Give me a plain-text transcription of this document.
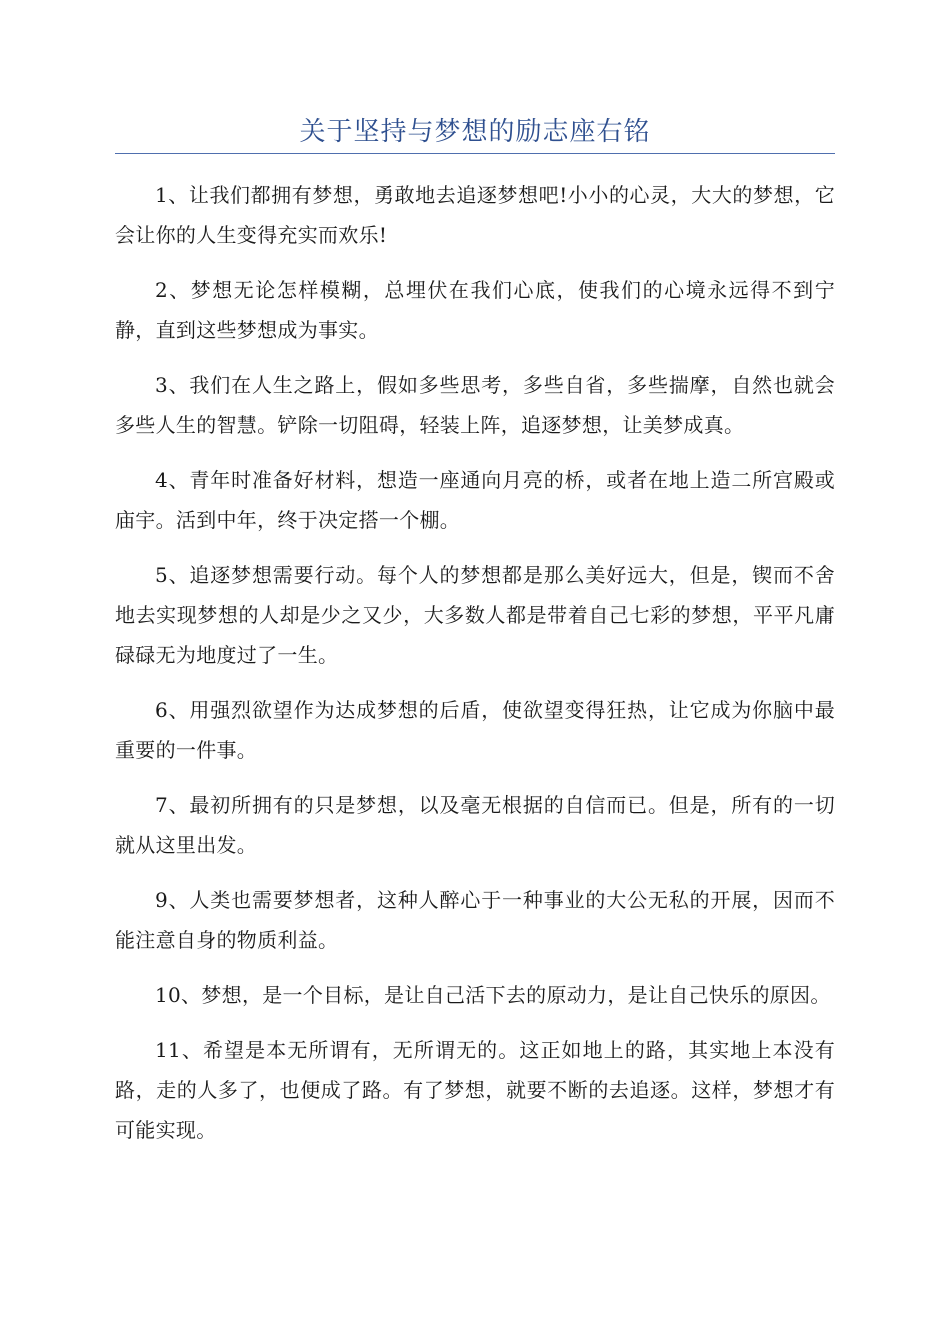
关于坚持与梦想的励志座右铭

1、让我们都拥有梦想，勇敢地去追逐梦想吧!小小的心灵，大大的梦想，它会让你的人生变得充实而欢乐!

2、梦想无论怎样模糊，总埋伏在我们心底，使我们的心境永远得不到宁静，直到这些梦想成为事实。

3、我们在人生之路上，假如多些思考，多些自省，多些揣摩，自然也就会多些人生的智慧。铲除一切阻碍，轻装上阵，追逐梦想，让美梦成真。

4、青年时准备好材料，想造一座通向月亮的桥，或者在地上造二所宫殿或庙宇。活到中年，终于决定搭一个棚。

5、追逐梦想需要行动。每个人的梦想都是那么美好远大，但是，锲而不舍地去实现梦想的人却是少之又少，大多数人都是带着自己七彩的梦想，平平凡庸碌碌无为地度过了一生。

6、用强烈欲望作为达成梦想的后盾，使欲望变得狂热，让它成为你脑中最重要的一件事。

7、最初所拥有的只是梦想，以及毫无根据的自信而已。但是，所有的一切就从这里出发。

9、人类也需要梦想者，这种人醉心于一种事业的大公无私的开展，因而不能注意自身的物质利益。

10、梦想，是一个目标，是让自己活下去的原动力，是让自己快乐的原因。

11、希望是本无所谓有，无所谓无的。这正如地上的路，其实地上本没有路，走的人多了，也便成了路。有了梦想，就要不断的去追逐。这样，梦想才有可能实现。
